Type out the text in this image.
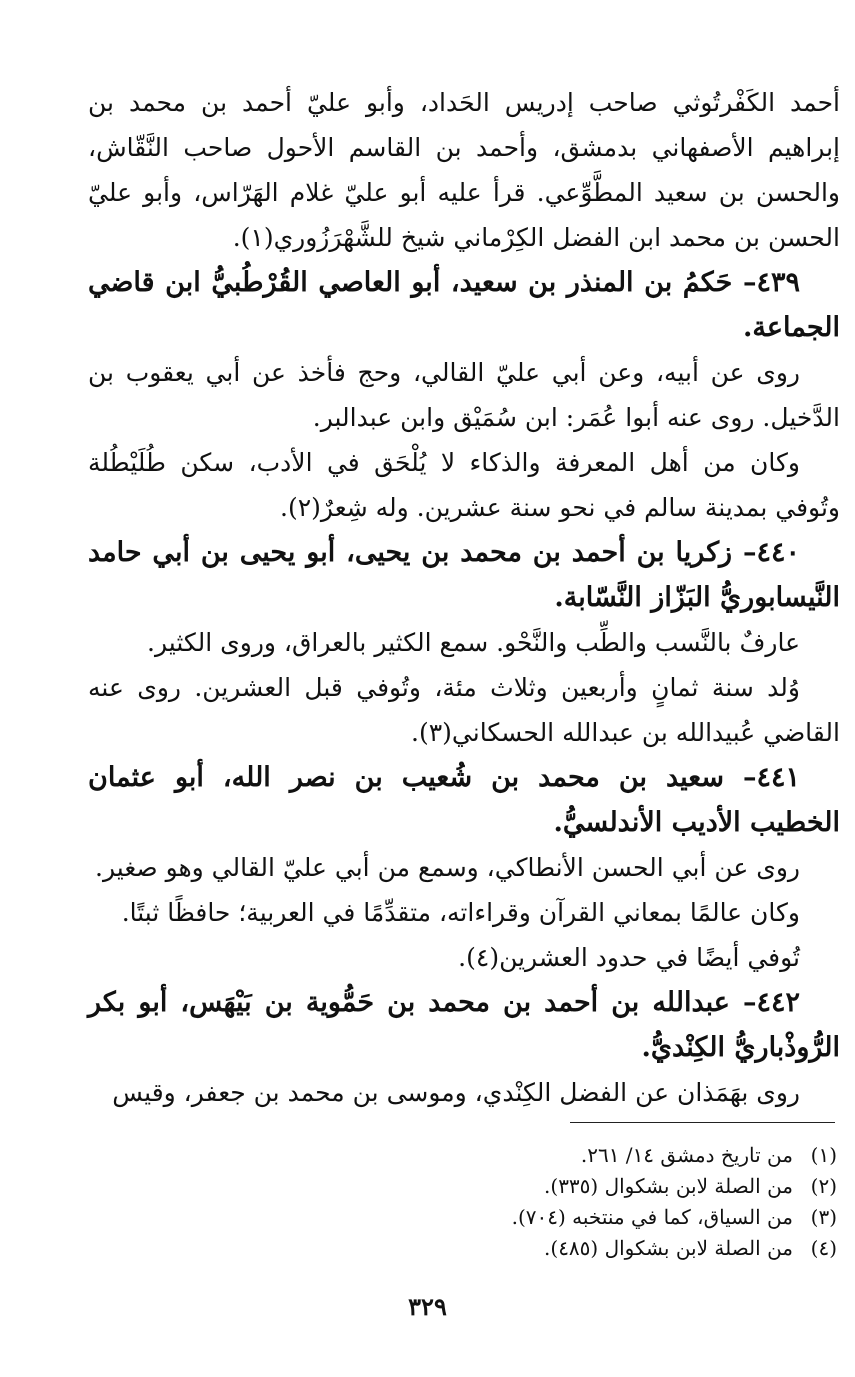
أحمد الكَفْرتُوثي صاحب إدريس الحَداد، وأبو عليّ أحمد بن محمد بن إبراهيم الأصفهاني بدمشق، وأحمد بن القاسم الأحول صاحب النَّقّاش، والحسن بن سعيد المطَّوِّعي. قرأ عليه أبو عليّ غلام الهَرّاس، وأبو عليّ الحسن بن محمد ابن الفضل الكِرْماني شيخ للشَّهْرَزُوري(١).

٤٣٩– حَكمُ بن المنذر بن سعيد، أبو العاصي القُرْطُبيُّ ابن قاضي الجماعة.

روى عن أبيه، وعن أبي عليّ القالي، وحج فأخذ عن أبي يعقوب بن الدَّخيل. روى عنه أبوا عُمَر: ابن سُمَيْق وابن عبدالبر.

وكان من أهل المعرفة والذكاء لا يُلْحَق في الأدب، سكن طُلَيْطُلة وتُوفي بمدينة سالم في نحو سنة عشرين. وله شِعرٌ(٢).

٤٤٠– زكريا بن أحمد بن محمد بن يحيى، أبو يحيى بن أبي حامد النَّيسابوريُّ البَزّاز النَّسّابة.

عارفٌ بالنَّسب والطِّب والنَّحْو. سمع الكثير بالعراق، وروى الكثير.

وُلد سنة ثمانٍ وأربعين وثلاث مئة، وتُوفي قبل العشرين. روى عنه القاضي عُبيدالله بن عبدالله الحسكاني(٣).

٤٤١– سعيد بن محمد بن شُعيب بن نصر الله، أبو عثمان الخطيب الأديب الأندلسيُّ.

روى عن أبي الحسن الأنطاكي، وسمع من أبي عليّ القالي وهو صغير.

وكان عالمًا بمعاني القرآن وقراءاته، متقدِّمًا في العربية؛ حافظًا ثبتًا.

تُوفي أيضًا في حدود العشرين(٤).

٤٤٢– عبدالله بن أحمد بن محمد بن حَمُّوية بن بَيْهَس، أبو بكر الرُّوذْباريُّ الكِنْديُّ.

روى بهَمَذان عن الفضل الكِنْدي، وموسى بن محمد بن جعفر، وقيس

(١)من تاريخ دمشق ١٤/ ٢٦١.

(٢)من الصلة لابن بشكوال (٣٣٥).

(٣)من السياق، كما في منتخبه (٧٠٤).

(٤)من الصلة لابن بشكوال (٤٨٥).

٣٢٩
